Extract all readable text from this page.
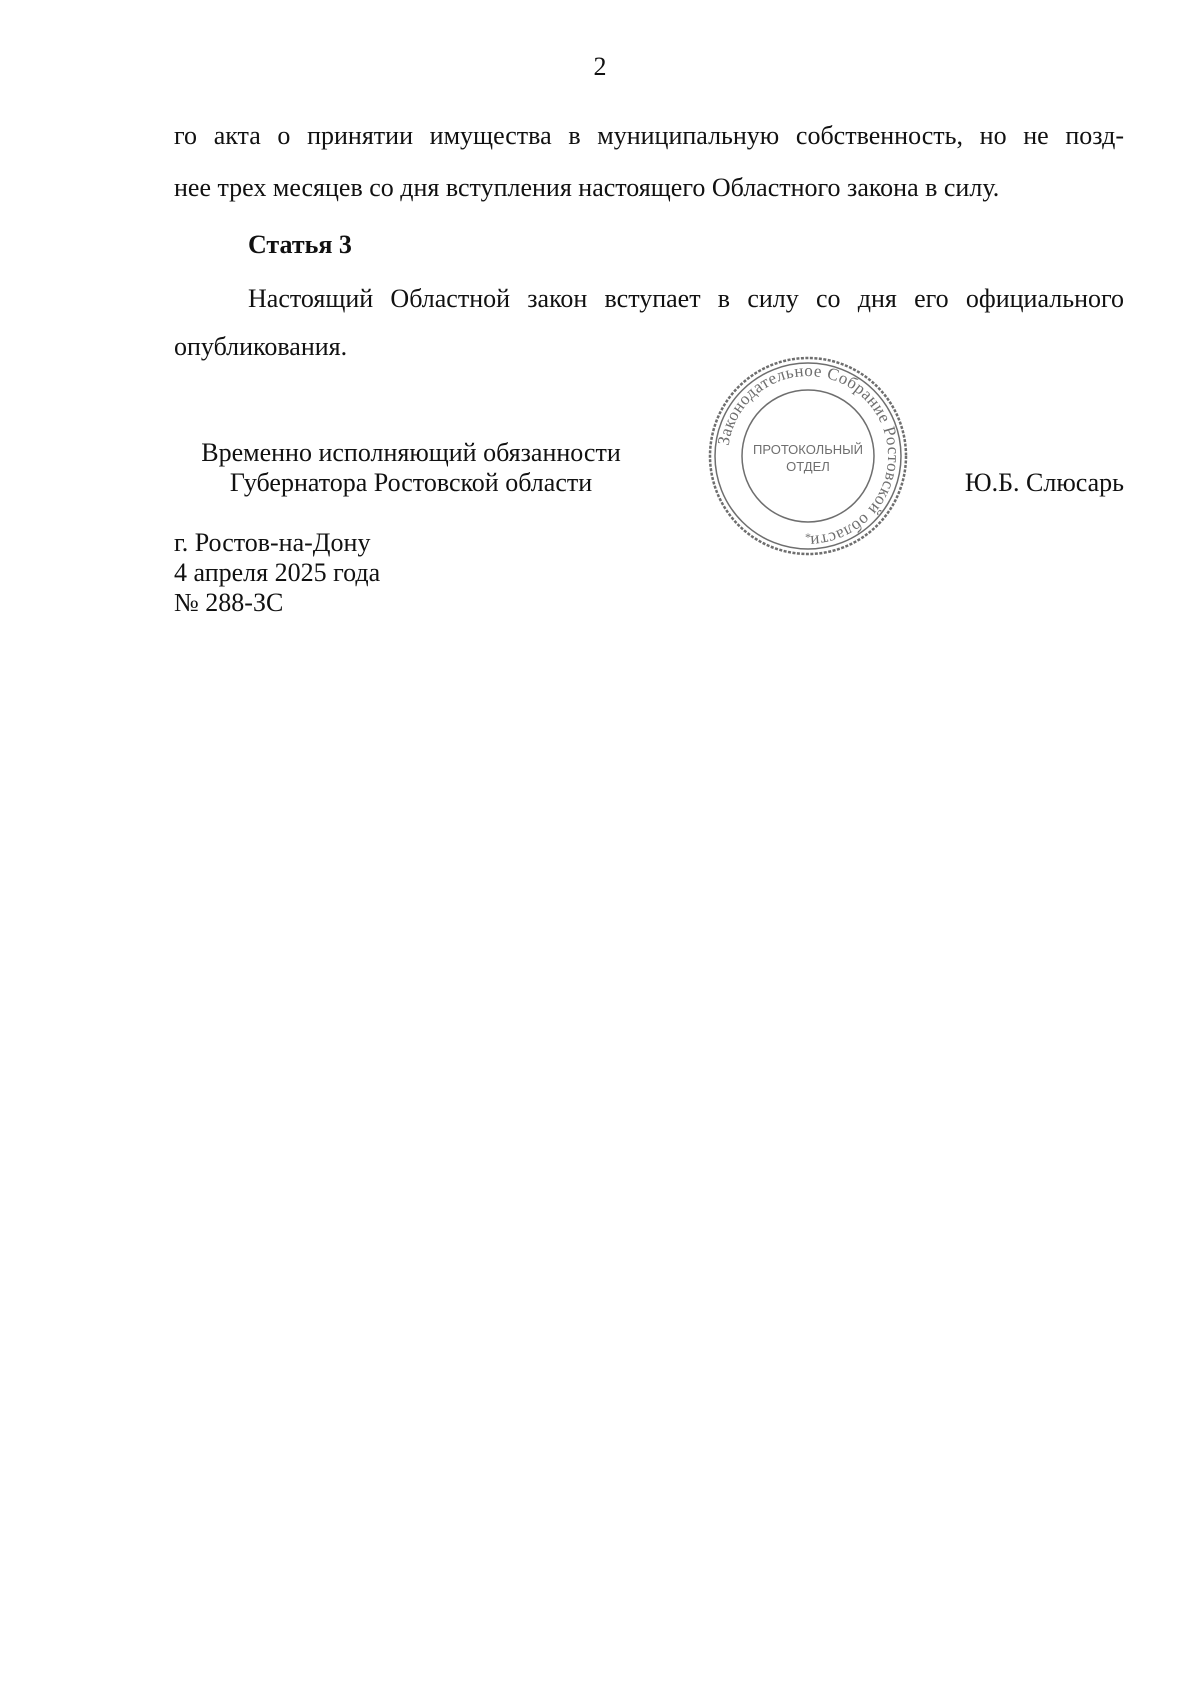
2
го акта о принятии имущества в муниципальную собственность, но не позд-
нее трех месяцев со дня вступления настоящего Областного закона в силу.
Статья 3
Настоящий Областной закон вступает в силу со дня его официального
опубликования.
Временно исполняющий обязанности
Губернатора Ростовской области
Законодательное Собрание Ростовской области
ПРОТОКОЛЬНЫЙ
ОТДЕЛ
*
Ю.Б. Слюсарь
г. Ростов-на-Дону
4 апреля 2025 года
№ 288-ЗС
